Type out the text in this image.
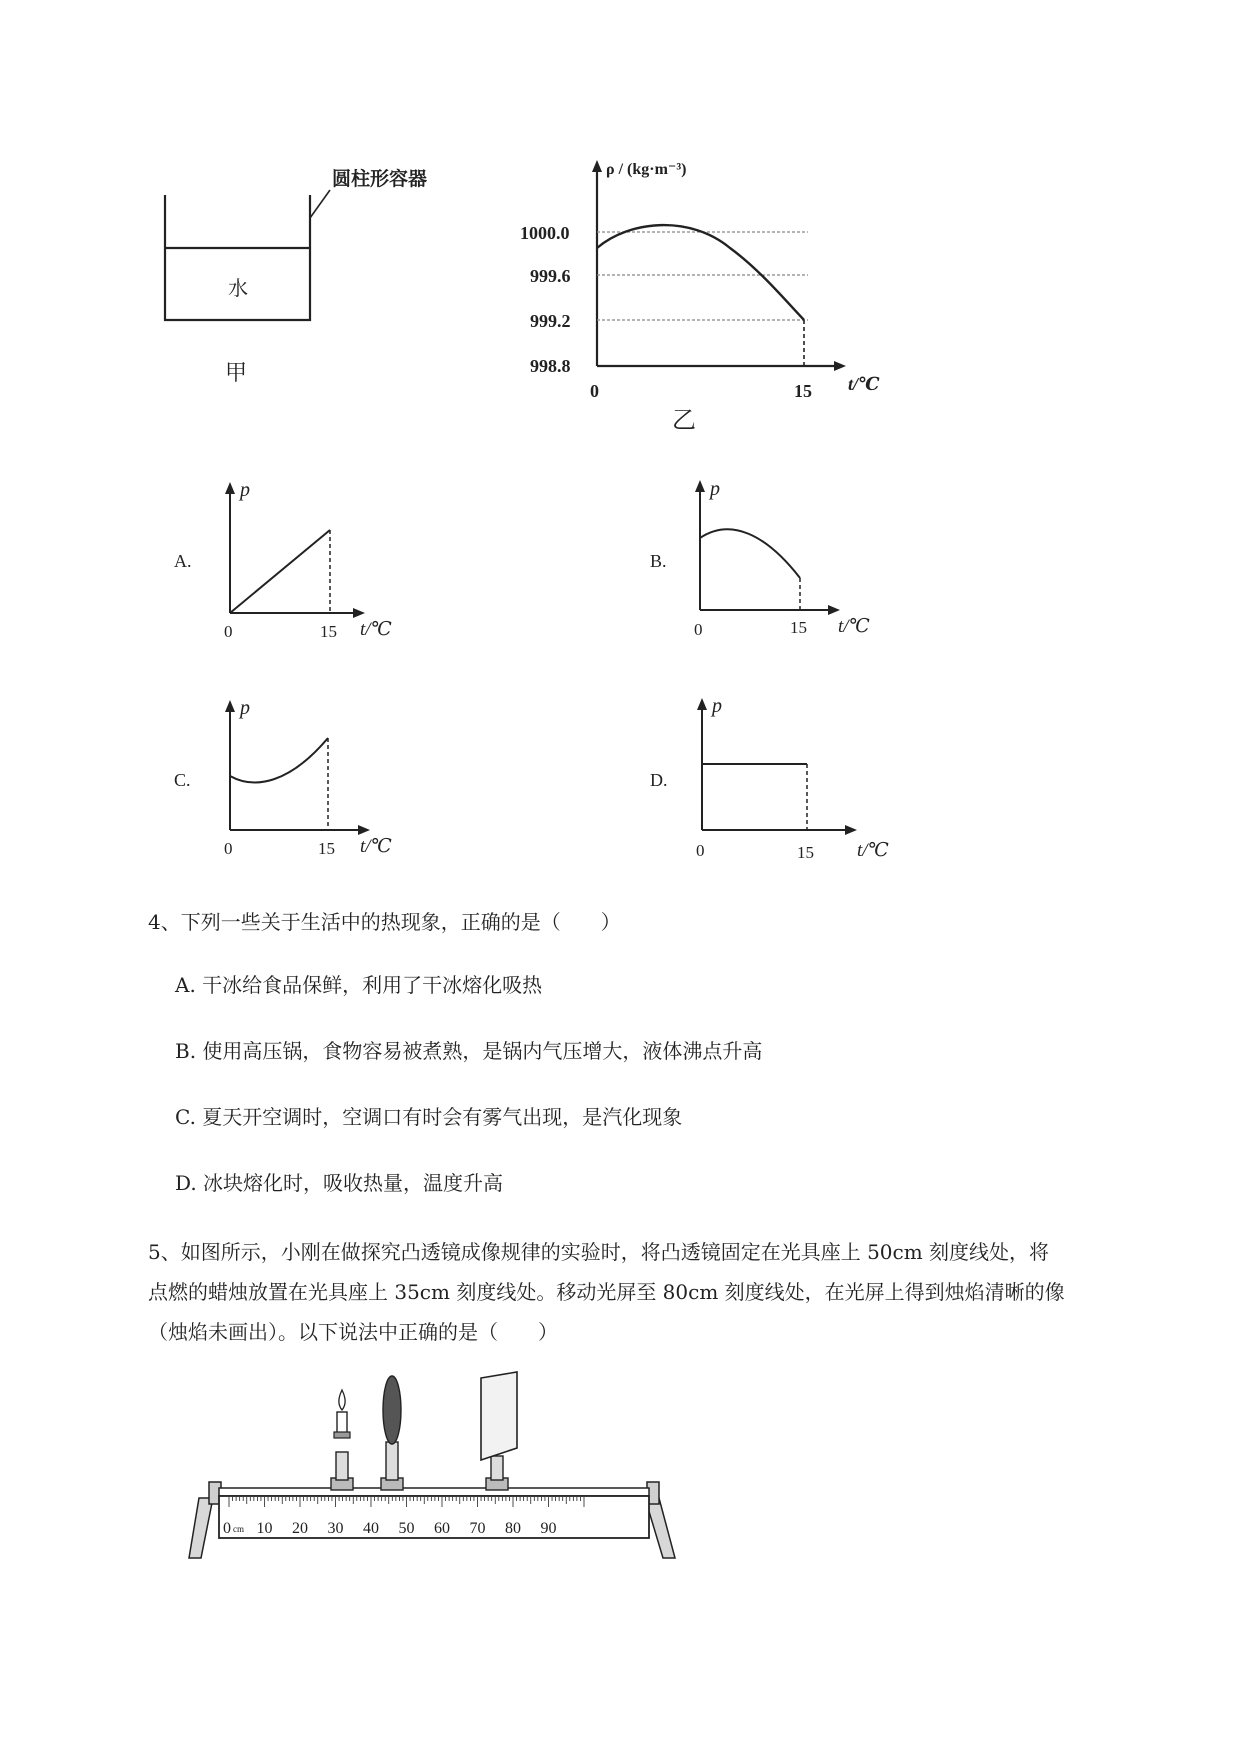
圆柱形容器
水
甲
ρ / (kg·m⁻³)
1000.0
999.6
999.2
998.8
0	15 t/℃
乙
A.
p
0	15 t/℃
B.
p
0	15 t/℃
C.
p
0	15 t/℃
D.
p
0	15 t/℃
4、下列一些关于生活中的热现象，正确的是（　　）
A. 干冰给食品保鲜，利用了干冰熔化吸热
B. 使用高压锅，食物容易被煮熟，是锅内气压增大，液体沸点升高
C. 夏天开空调时，空调口有时会有雾气出现，是汽化现象
D. 冰块熔化时，吸收热量，温度升高
5、如图所示，小刚在做探究凸透镜成像规律的实验时，将凸透镜固定在光具座上 50cm 刻度线处，将
点燃的蜡烛放置在光具座上 35cm 刻度线处。移动光屏至 80cm 刻度线处，在光屏上得到烛焰清晰的像
（烛焰未画出）。以下说法中正确的是（　　）
0 cm 10 20 30 40 50 60 70 80 90
